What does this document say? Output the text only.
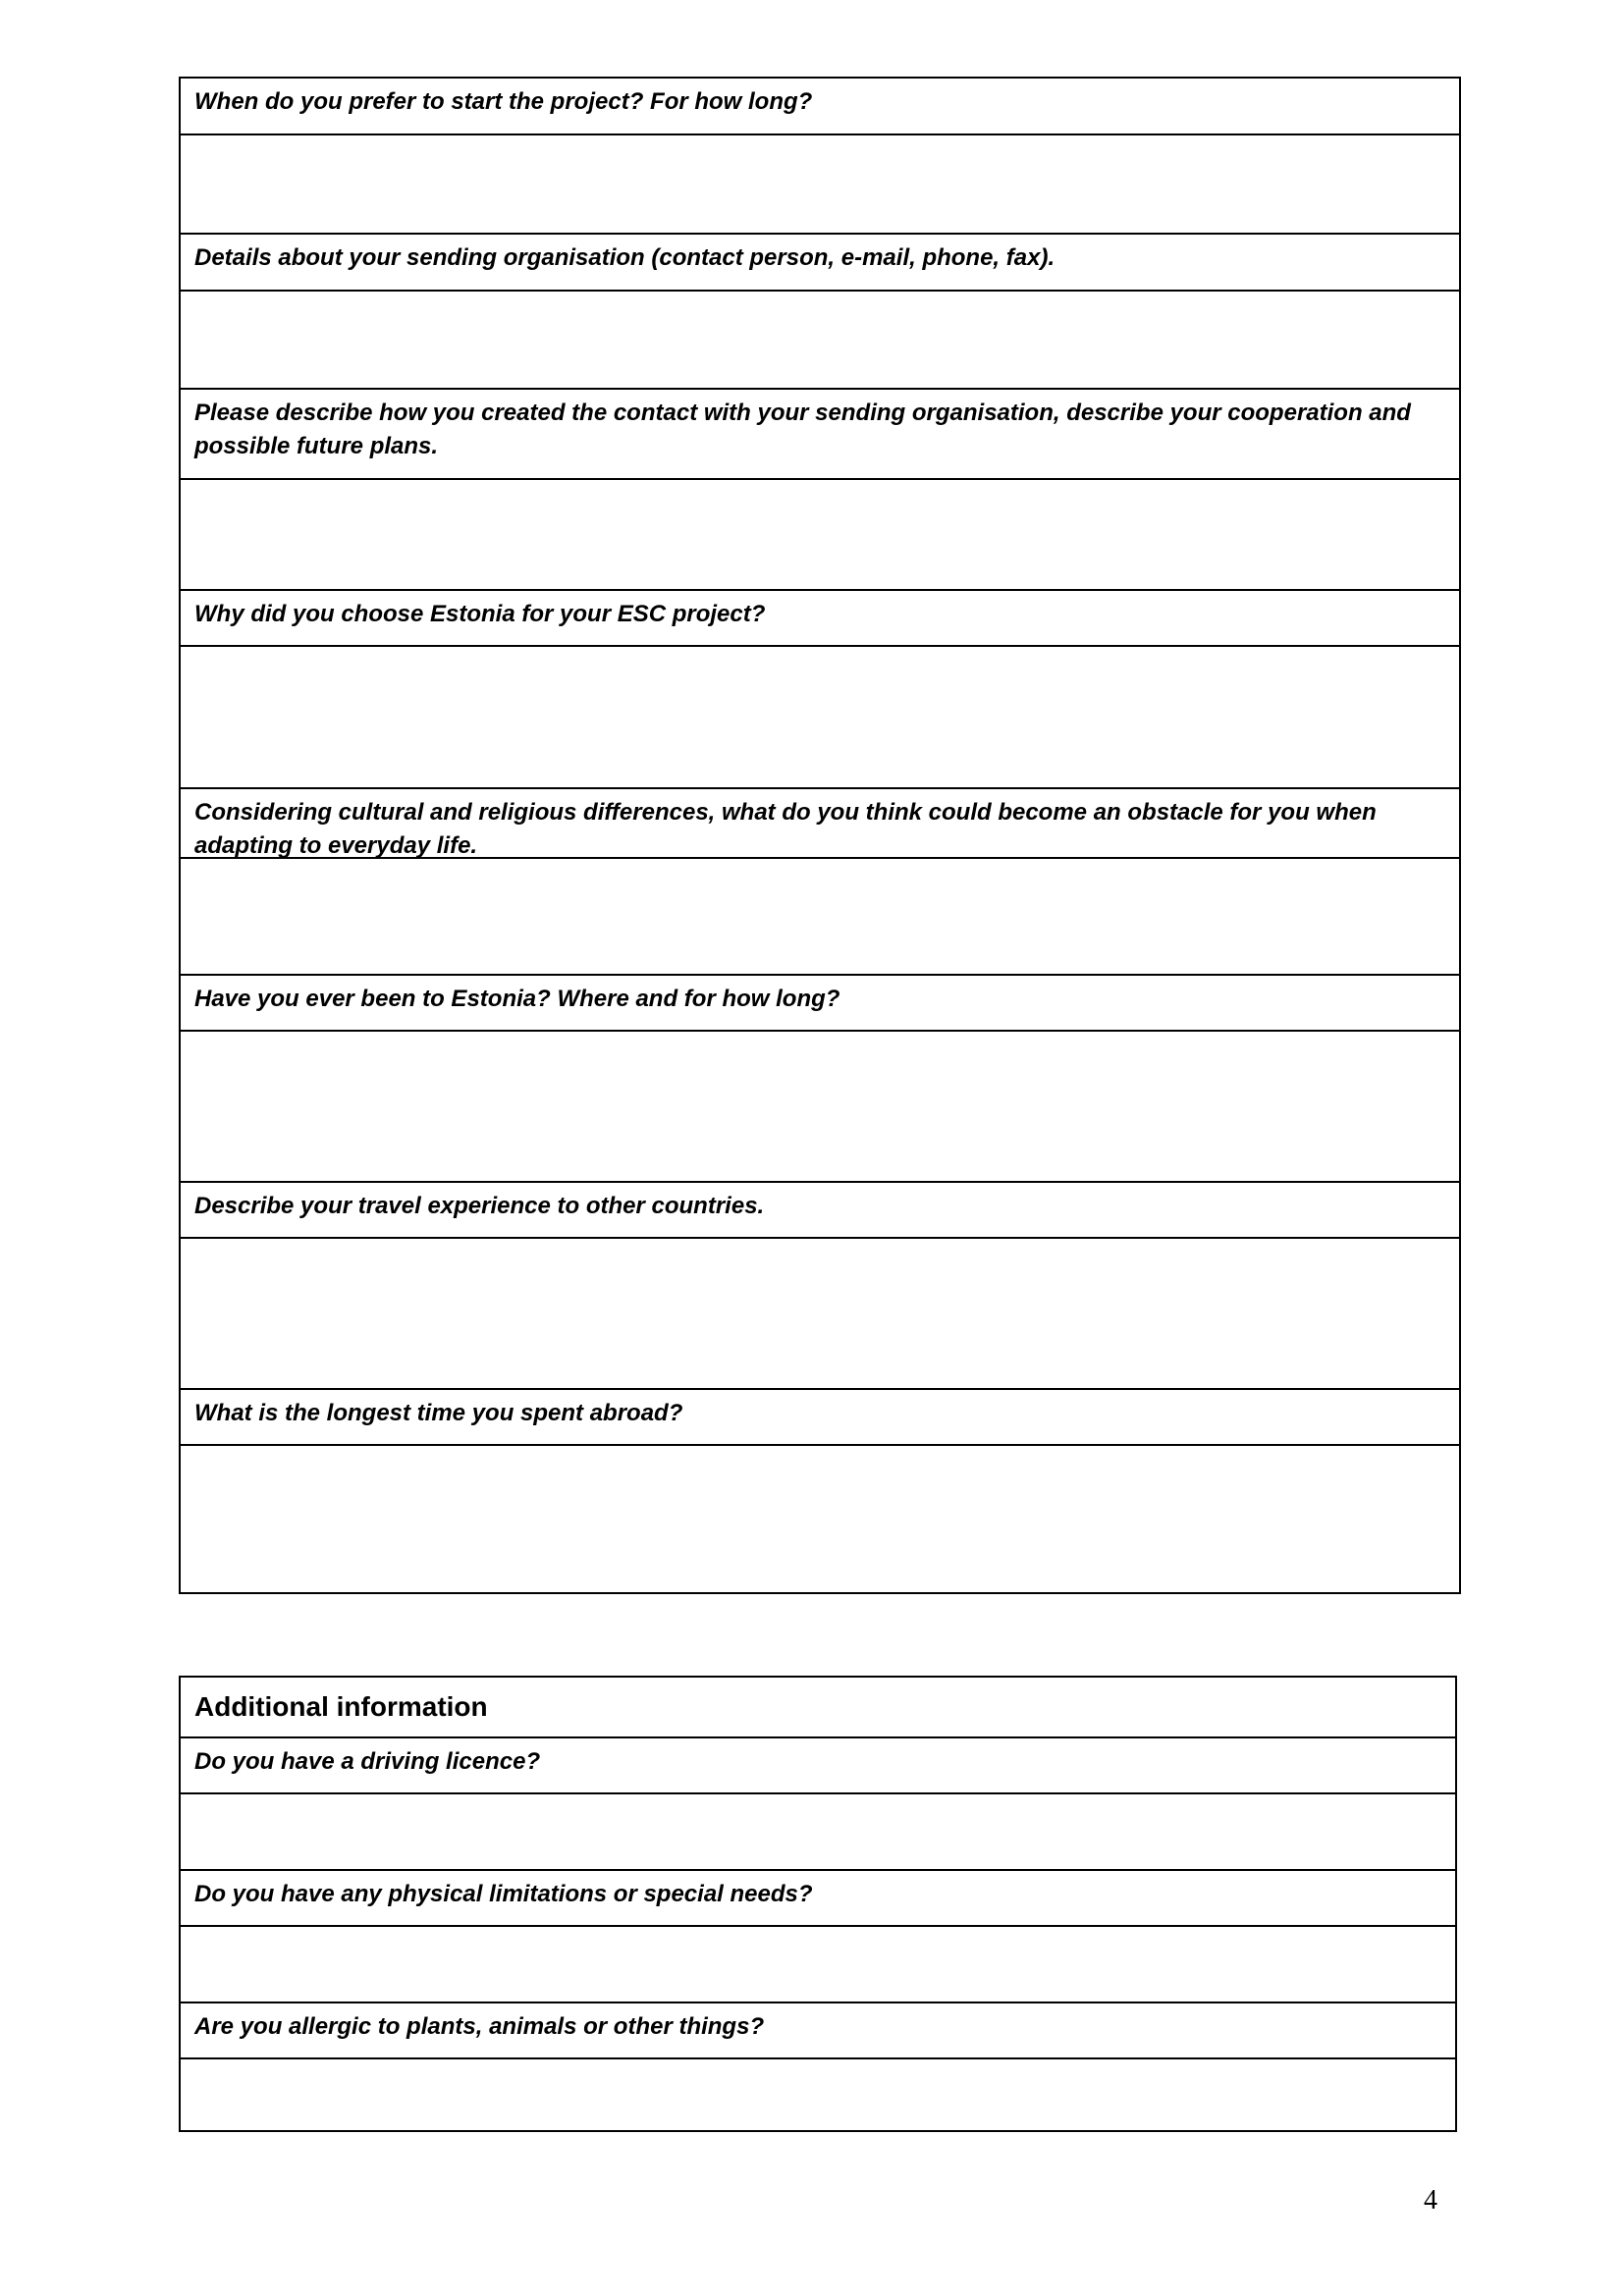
When do you prefer to start the project? For how long?
Details about your sending organisation (contact person, e-mail, phone, fax).
Please describe how you created the contact with your sending organisation, describe your cooperation and possible future plans.
Why did you choose Estonia for your ESC project?
Considering cultural and religious differences, what do you think could become an obstacle for you when adapting to everyday life.
Have you ever been to Estonia? Where and for how long?
Describe your travel experience to other countries.
What is the longest time you spent abroad?
Additional information
Do you have a driving licence?
Do you have any physical limitations or special needs?
Are you allergic to plants, animals or other things?
4
